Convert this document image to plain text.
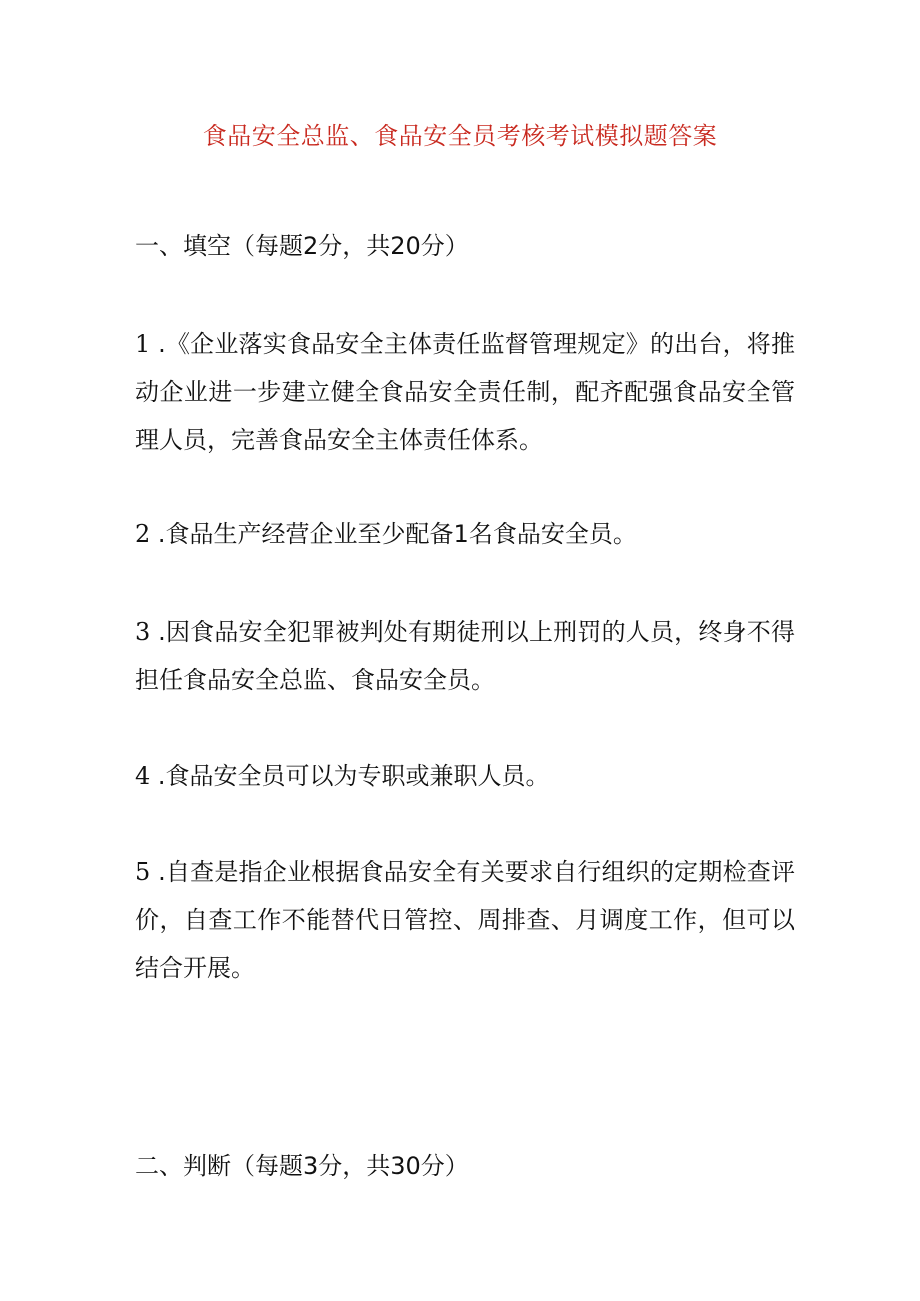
食品安全总监、食品安全员考核考试模拟题答案
一、填空（每题2分，共20分）
1 .《企业落实食品安全主体责任监督管理规定》的出台，将推动企业进一步建立健全食品安全责任制，配齐配强食品安全管理人员，完善食品安全主体责任体系。
2 .食品生产经营企业至少配备1名食品安全员。
3 .因食品安全犯罪被判处有期徒刑以上刑罚的人员，终身不得担任食品安全总监、食品安全员。
4 .食品安全员可以为专职或兼职人员。
5 .自查是指企业根据食品安全有关要求自行组织的定期检查评价，自查工作不能替代日管控、周排查、月调度工作，但可以结合开展。
二、判断（每题3分，共30分）
